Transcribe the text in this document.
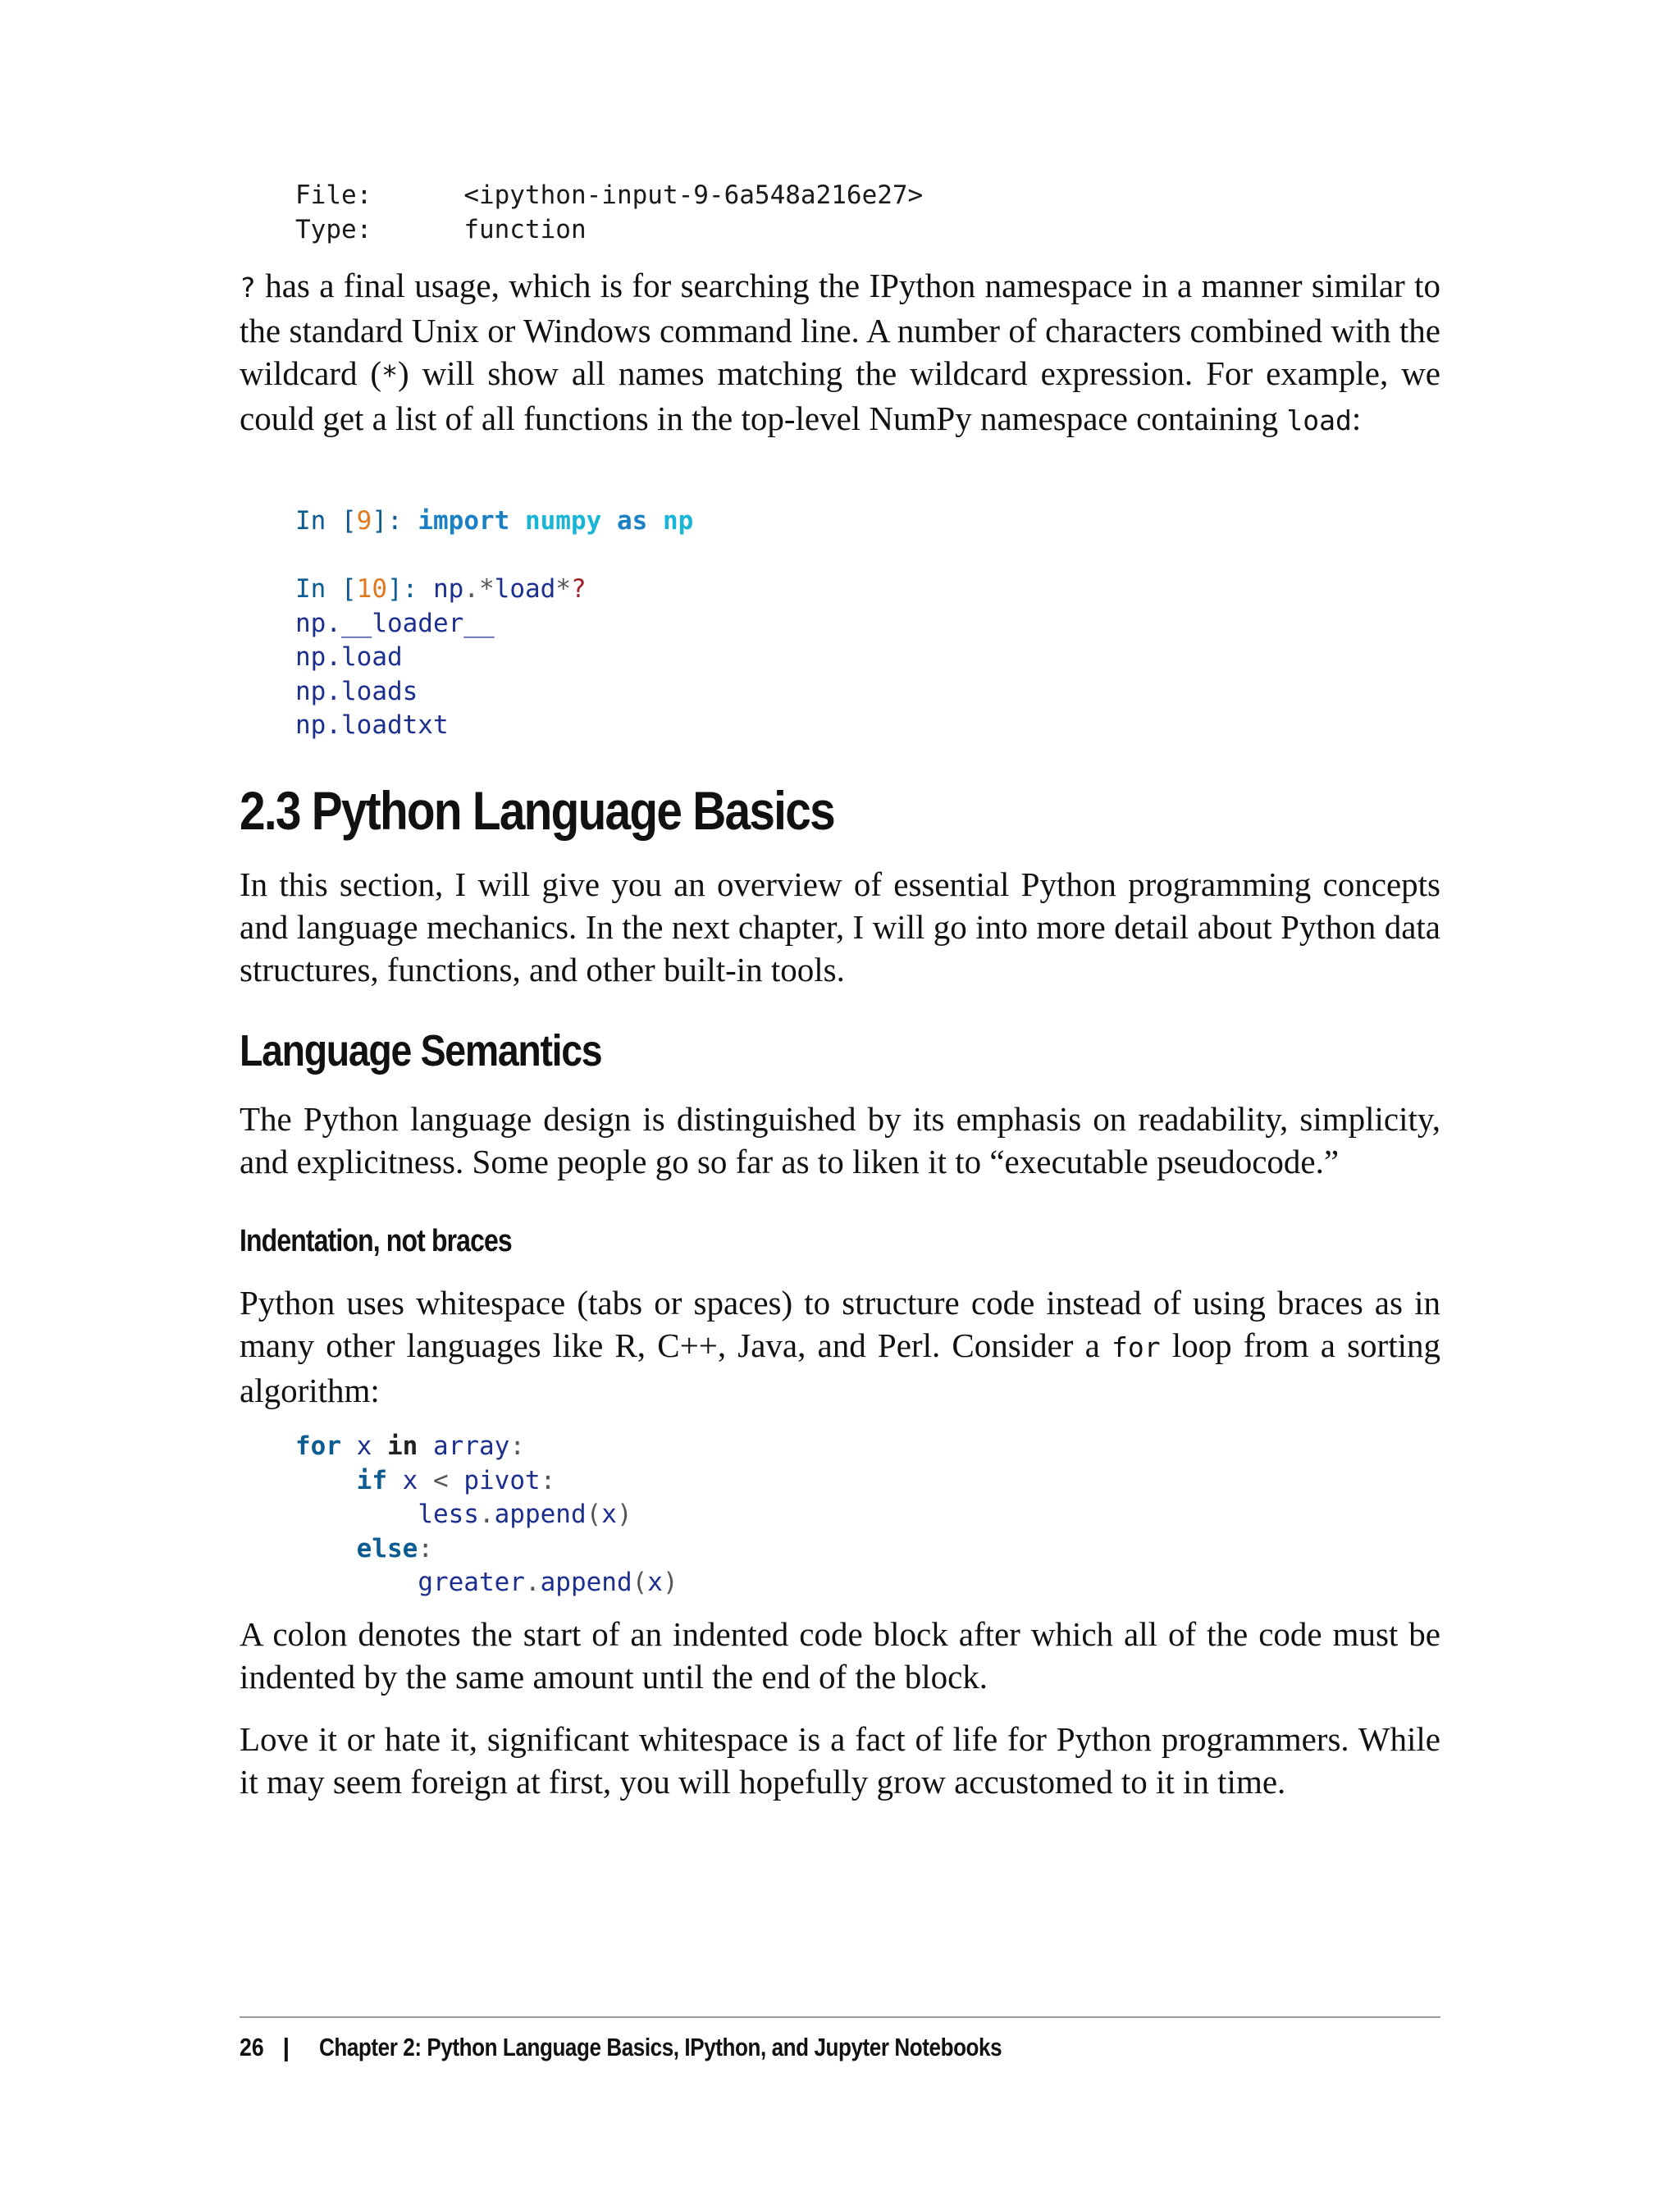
File:	<ipython-input-9-6a548a216e27>
Type:	function

? has a final usage, which is for searching the IPython namespace in a manner similar to the standard Unix or Windows command line. A number of characters combined with the wildcard (*) will show all names matching the wildcard expression. For example, we could get a list of all functions in the top-level NumPy namespace containing load:

In [9]: import numpy as np

In [10]: np.*load*?
np.__loader__
np.load
np.loads
np.loadtxt
2.3 Python Language Basics

In this section, I will give you an overview of essential Python programming concepts and language mechanics. In the next chapter, I will go into more detail about Python data structures, functions, and other built-in tools.

Language Semantics

The Python language design is distinguished by its emphasis on readability, simplicity, and explicitness. Some people go so far as to liken it to “executable pseudocode.”

Indentation, not braces

Python uses whitespace (tabs or spaces) to structure code instead of using braces as in many other languages like R, C++, Java, and Perl. Consider a for loop from a sorting algorithm:

for x in array:
if x < pivot:
less.append(x)
else:
greater.append(x)

A colon denotes the start of an indented code block after which all of the code must be indented by the same amount until the end of the block.

Love it or hate it, significant whitespace is a fact of life for Python programmers. While it may seem foreign at first, you will hopefully grow accustomed to it in time.

26 | Chapter 2: Python Language Basics, IPython, and Jupyter Notebooks
